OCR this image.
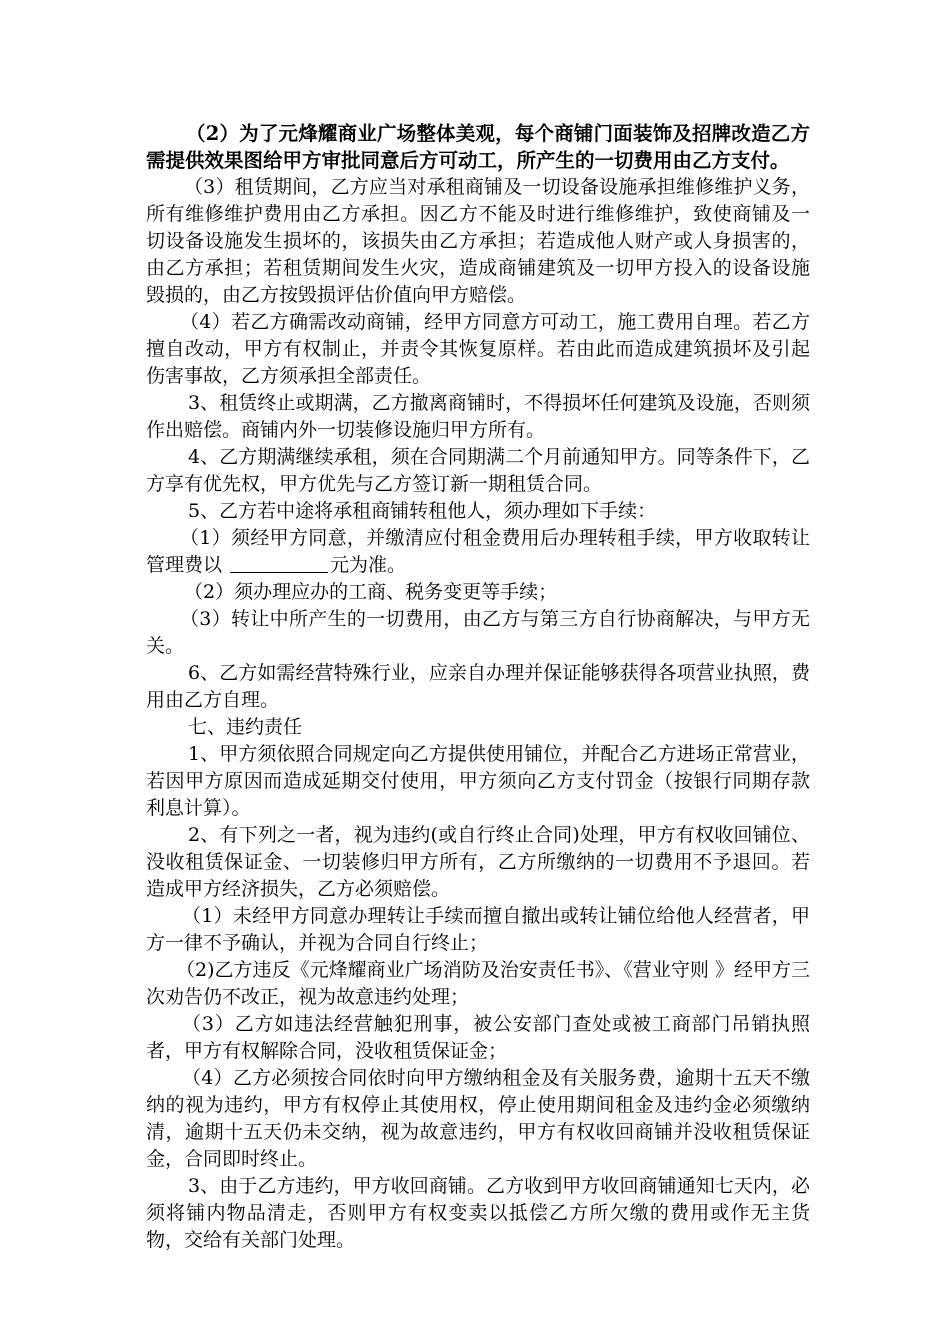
（2）为了元烽耀商业广场整体美观，每个商铺门面装饰及招牌改造乙方需提供效果图给甲方审批同意后方可动工，所产生的一切费用由乙方支付。

（3）租赁期间，乙方应当对承租商铺及一切设备设施承担维修维护义务，所有维修维护费用由乙方承担。因乙方不能及时进行维修维护，致使商铺及一切设备设施发生损坏的，该损失由乙方承担；若造成他人财产或人身损害的，由乙方承担；若租赁期间发生火灾，造成商铺建筑及一切甲方投入的设备设施毁损的，由乙方按毁损评估价值向甲方赔偿。

（4）若乙方确需改动商铺，经甲方同意方可动工，施工费用自理。若乙方擅自改动，甲方有权制止，并责令其恢复原样。若由此而造成建筑损坏及引起伤害事故，乙方须承担全部责任。

3、租赁终止或期满，乙方撤离商铺时，不得损坏任何建筑及设施，否则须作出赔偿。商铺内外一切装修设施归甲方所有。

4、乙方期满继续承租，须在合同期满二个月前通知甲方。同等条件下，乙方享有优先权，甲方优先与乙方签订新一期租赁合同。

5、乙方若中途将承租商铺转租他人，须办理如下手续：

（1）须经甲方同意，并缴清应付租金费用后办理转租手续，甲方收取转让管理费以	元为准。

（2）须办理应办的工商、税务变更等手续；

（3）转让中所产生的一切费用，由乙方与第三方自行协商解决，与甲方无关。

6、乙方如需经营特殊行业，应亲自办理并保证能够获得各项营业执照，费用由乙方自理。

七、违约责任

1、甲方须依照合同规定向乙方提供使用铺位，并配合乙方进场正常营业，若因甲方原因而造成延期交付使用，甲方须向乙方支付罚金（按银行同期存款利息计算）。

2、有下列之一者，视为违约(或自行终止合同)处理，甲方有权收回铺位、没收租赁保证金、一切装修归甲方所有，乙方所缴纳的一切费用不予退回。若造成甲方经济损失，乙方必须赔偿。

（1）未经甲方同意办理转让手续而擅自撤出或转让铺位给他人经营者，甲方一律不予确认，并视为合同自行终止；

（2)乙方违反《元烽耀商业广场消防及治安责任书》、《营业守则 》经甲方三次劝告仍不改正，视为故意违约处理；

（3）乙方如违法经营触犯刑事，被公安部门查处或被工商部门吊销执照者，甲方有权解除合同，没收租赁保证金；

（4）乙方必须按合同依时向甲方缴纳租金及有关服务费，逾期十五天不缴纳的视为违约，甲方有权停止其使用权，停止使用期间租金及违约金必须缴纳清，逾期十五天仍未交纳，视为故意违约，甲方有权收回商铺并没收租赁保证金，合同即时终止。

3、由于乙方违约，甲方收回商铺。乙方收到甲方收回商铺通知七天内，必须将铺内物品清走，否则甲方有权变卖以抵偿乙方所欠缴的费用或作无主货物，交给有关部门处理。
